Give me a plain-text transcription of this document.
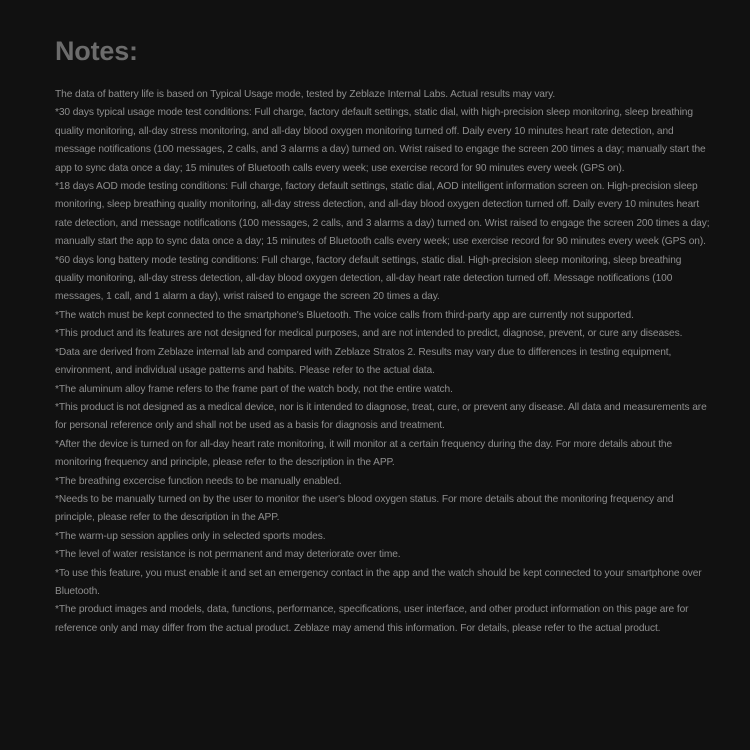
Notes:

The data of battery life is based on Typical Usage mode, tested by Zeblaze Internal Labs. Actual results may vary.

*30 days typical usage mode test conditions: Full charge, factory default settings, static dial, with high-precision sleep monitoring, sleep breathing quality monitoring, all-day stress monitoring, and all-day blood oxygen monitoring turned off. Daily every 10 minutes heart rate detection, and message notifications (100 messages, 2 calls, and 3 alarms a day) turned on. Wrist raised to engage the screen 200 times a day; manually start the app to sync data once a day; 15 minutes of Bluetooth calls every week; use exercise record for 90 minutes every week (GPS on).

*18 days AOD mode testing conditions: Full charge, factory default settings, static dial, AOD intelligent information screen on. High-precision sleep monitoring, sleep breathing quality monitoring, all-day stress detection, and all-day blood oxygen detection turned off. Daily every 10 minutes heart rate detection, and message notifications (100 messages, 2 calls, and 3 alarms a day) turned on. Wrist raised to engage the screen 200 times a day; manually start the app to sync data once a day; 15 minutes of Bluetooth calls every week; use exercise record for 90 minutes every week (GPS on).

*60 days long battery mode testing conditions: Full charge, factory default settings, static dial. High-precision sleep monitoring, sleep breathing quality monitoring, all-day stress detection, all-day blood oxygen detection, all-day heart rate detection turned off. Message notifications (100 messages, 1 call, and 1 alarm a day), wrist raised to engage the screen 20 times a day.

*The watch must be kept connected to the smartphone's Bluetooth. The voice calls from third-party app are currently not supported.

*This product and its features are not designed for medical purposes, and are not intended to predict, diagnose, prevent, or cure any diseases.

*Data are derived from Zeblaze internal lab and compared with Zeblaze Stratos 2. Results may vary due to differences in testing equipment, environment, and individual usage patterns and habits. Please refer to the actual data.

*The aluminum alloy frame refers to the frame part of the watch body, not the entire watch.

*This product is not designed as a medical device, nor is it intended to diagnose, treat, cure, or prevent any disease. All data and measurements are for personal reference only and shall not be used as a basis for diagnosis and treatment.

*After the device is turned on for all-day heart rate monitoring, it will monitor at a certain frequency during the day. For more details about the monitoring frequency and principle, please refer to the description in the APP.

*The breathing excercise function needs to be manually enabled.

*Needs to be manually turned on by the user to monitor the user's blood oxygen status. For more details about the monitoring frequency and principle, please refer to the description in the APP.

*The warm-up session applies only in selected sports modes.

*The level of water resistance is not permanent and may deteriorate over time.

*To use this feature, you must enable it and set an emergency contact in the app and the watch should be kept connected to your smartphone over Bluetooth.

*The product images and models, data, functions, performance, specifications, user interface, and other product information on this page are for reference only and may differ from the actual product. Zeblaze may amend this information. For details, please refer to the actual product.
